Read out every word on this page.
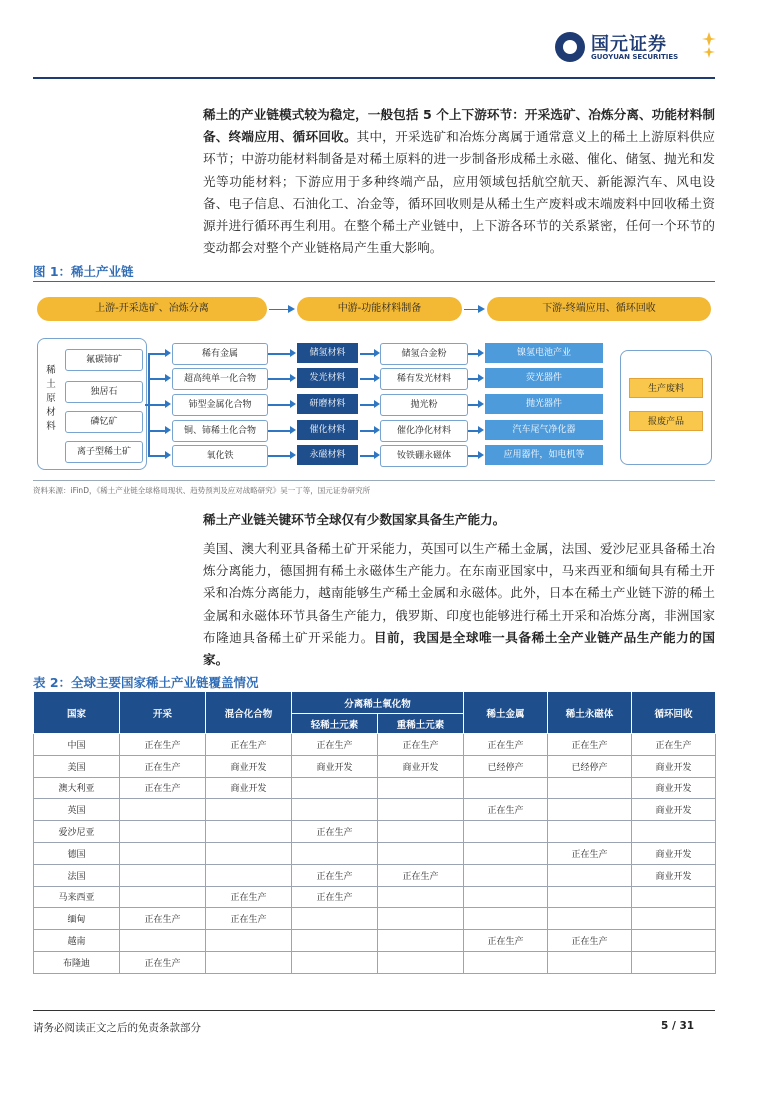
国元证券
GUOYUAN SECURITIES
稀土的产业链模式较为稳定，一般包括 5 个上下游环节：开采选矿、冶炼分离、功能材料制备、终端应用、循环回收。其中，开采选矿和冶炼分离属于通常意义上的稀土上游原料供应环节；中游功能材料制备是对稀土原料的进一步制备形成稀土永磁、催化、储氢、抛光和发光等功能材料；下游应用于多种终端产品，应用领域包括航空航天、新能源汽车、风电设备、电子信息、石油化工、冶金等，循环回收则是从稀土生产废料或末端废料中回收稀土资源并进行循环再生利用。在整个稀土产业链中，上下游各环节的关系紧密，任何一个环节的变动都会对整个产业链格局产生重大影响。
图 1：稀土产业链
上游-开采选矿、冶炼分离	中游-功能材料制备	下游-终端应用、循环回收
稀土原材料
氟碳铈矿
独居石
磷钇矿
离子型稀土矿
稀有金属
超高纯单一化合物
铈型金属化合物
铜、铈稀土化合物
氧化铁
储氢材料
发光材料
研磨材料
催化材料
永磁材料
储氢合金粉
稀有发光材料
抛光粉
催化净化材料
钕铁硼永磁体
镍氢电池产业
荧光器件
抛光器件
汽车尾气净化器
应用器件，如电机等
生产废料
报废产品
资料来源：iFinD，《稀土产业链全球格局现状、趋势预判及应对战略研究》吴一丁等，国元证券研究所
稀土产业链关键环节全球仅有少数国家具备生产能力。
美国、澳大利亚具备稀土矿开采能力，英国可以生产稀土金属，法国、爱沙尼亚具备稀土冶炼分离能力，德国拥有稀土永磁体生产能力。在东南亚国家中，马来西亚和缅甸具有稀土开采和冶炼分离能力，越南能够生产稀土金属和永磁体。此外，日本在稀土产业链下游的稀土金属和永磁体环节具备生产能力，俄罗斯、印度也能够进行稀土开采和冶炼分离，非洲国家布隆迪具备稀土矿开采能力。目前，我国是全球唯一具备稀土全产业链产品生产能力的国家。
表 2：全球主要国家稀土产业链覆盖情况
国家	开采	混合化合物	分离稀土氧化物		稀土金属	稀土永磁体	循环回收
			轻稀土元素	重稀土元素			
中国	正在生产	正在生产	正在生产	正在生产	正在生产	正在生产	正在生产
美国	正在生产	商业开发	商业开发	商业开发	已经停产	已经停产	商业开发
澳大利亚	正在生产	商业开发					商业开发
英国					正在生产		商业开发
爱沙尼亚			正在生产				
德国						正在生产	商业开发
法国			正在生产	正在生产			商业开发
马来西亚		正在生产	正在生产				
缅甸	正在生产	正在生产					
越南					正在生产	正在生产	
布隆迪	正在生产						
请务必阅读正文之后的免责条款部分	5 / 31
